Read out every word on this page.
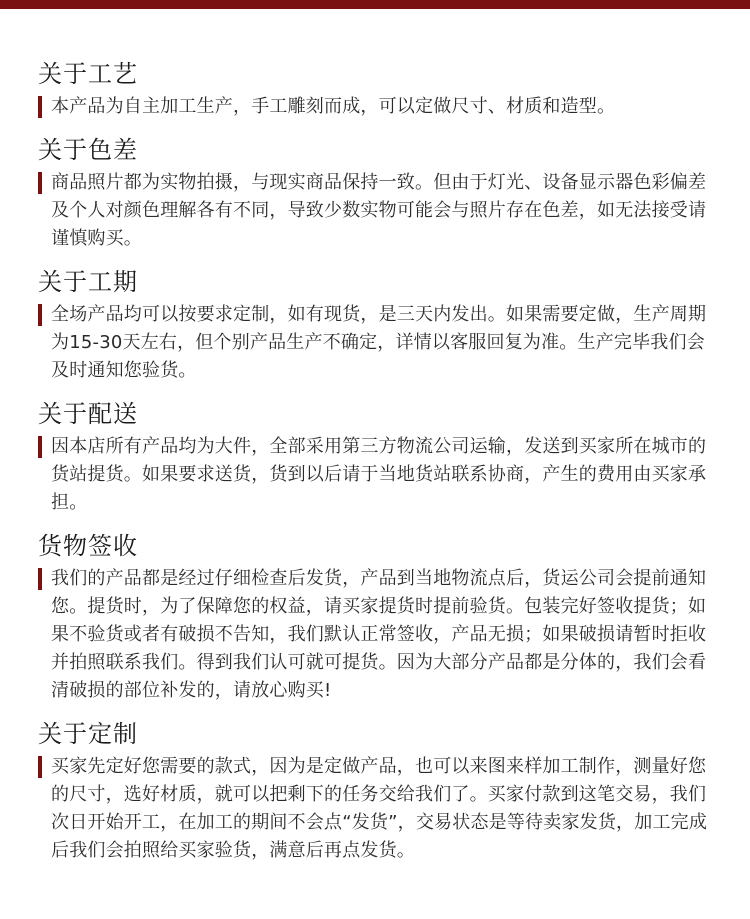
关于工艺
本产品为自主加工生产，手工雕刻而成，可以定做尺寸、材质和造型。
关于色差
商品照片都为实物拍摄，与现实商品保持一致。但由于灯光、设备显示器色彩偏差及个人对颜色理解各有不同，导致少数实物可能会与照片存在色差，如无法接受请谨慎购买。
关于工期
全场产品均可以按要求定制，如有现货，是三天内发出。如果需要定做，生产周期为15-30天左右，但个别产品生产不确定，详情以客服回复为准。生产完毕我们会及时通知您验货。
关于配送
因本店所有产品均为大件，全部采用第三方物流公司运输，发送到买家所在城市的货站提货。如果要求送货，货到以后请于当地货站联系协商，产生的费用由买家承担。
货物签收
我们的产品都是经过仔细检查后发货，产品到当地物流点后，货运公司会提前通知您。提货时，为了保障您的权益，请买家提货时提前验货。包装完好签收提货；如果不验货或者有破损不告知，我们默认正常签收，产品无损；如果破损请暂时拒收并拍照联系我们。得到我们认可就可提货。因为大部分产品都是分体的，我们会看清破损的部位补发的，请放心购买!
关于定制
买家先定好您需要的款式，因为是定做产品，也可以来图来样加工制作，测量好您的尺寸，选好材质，就可以把剩下的任务交给我们了。买家付款到这笔交易，我们次日开始开工，在加工的期间不会点“发货”，交易状态是等待卖家发货，加工完成后我们会拍照给买家验货，满意后再点发货。
